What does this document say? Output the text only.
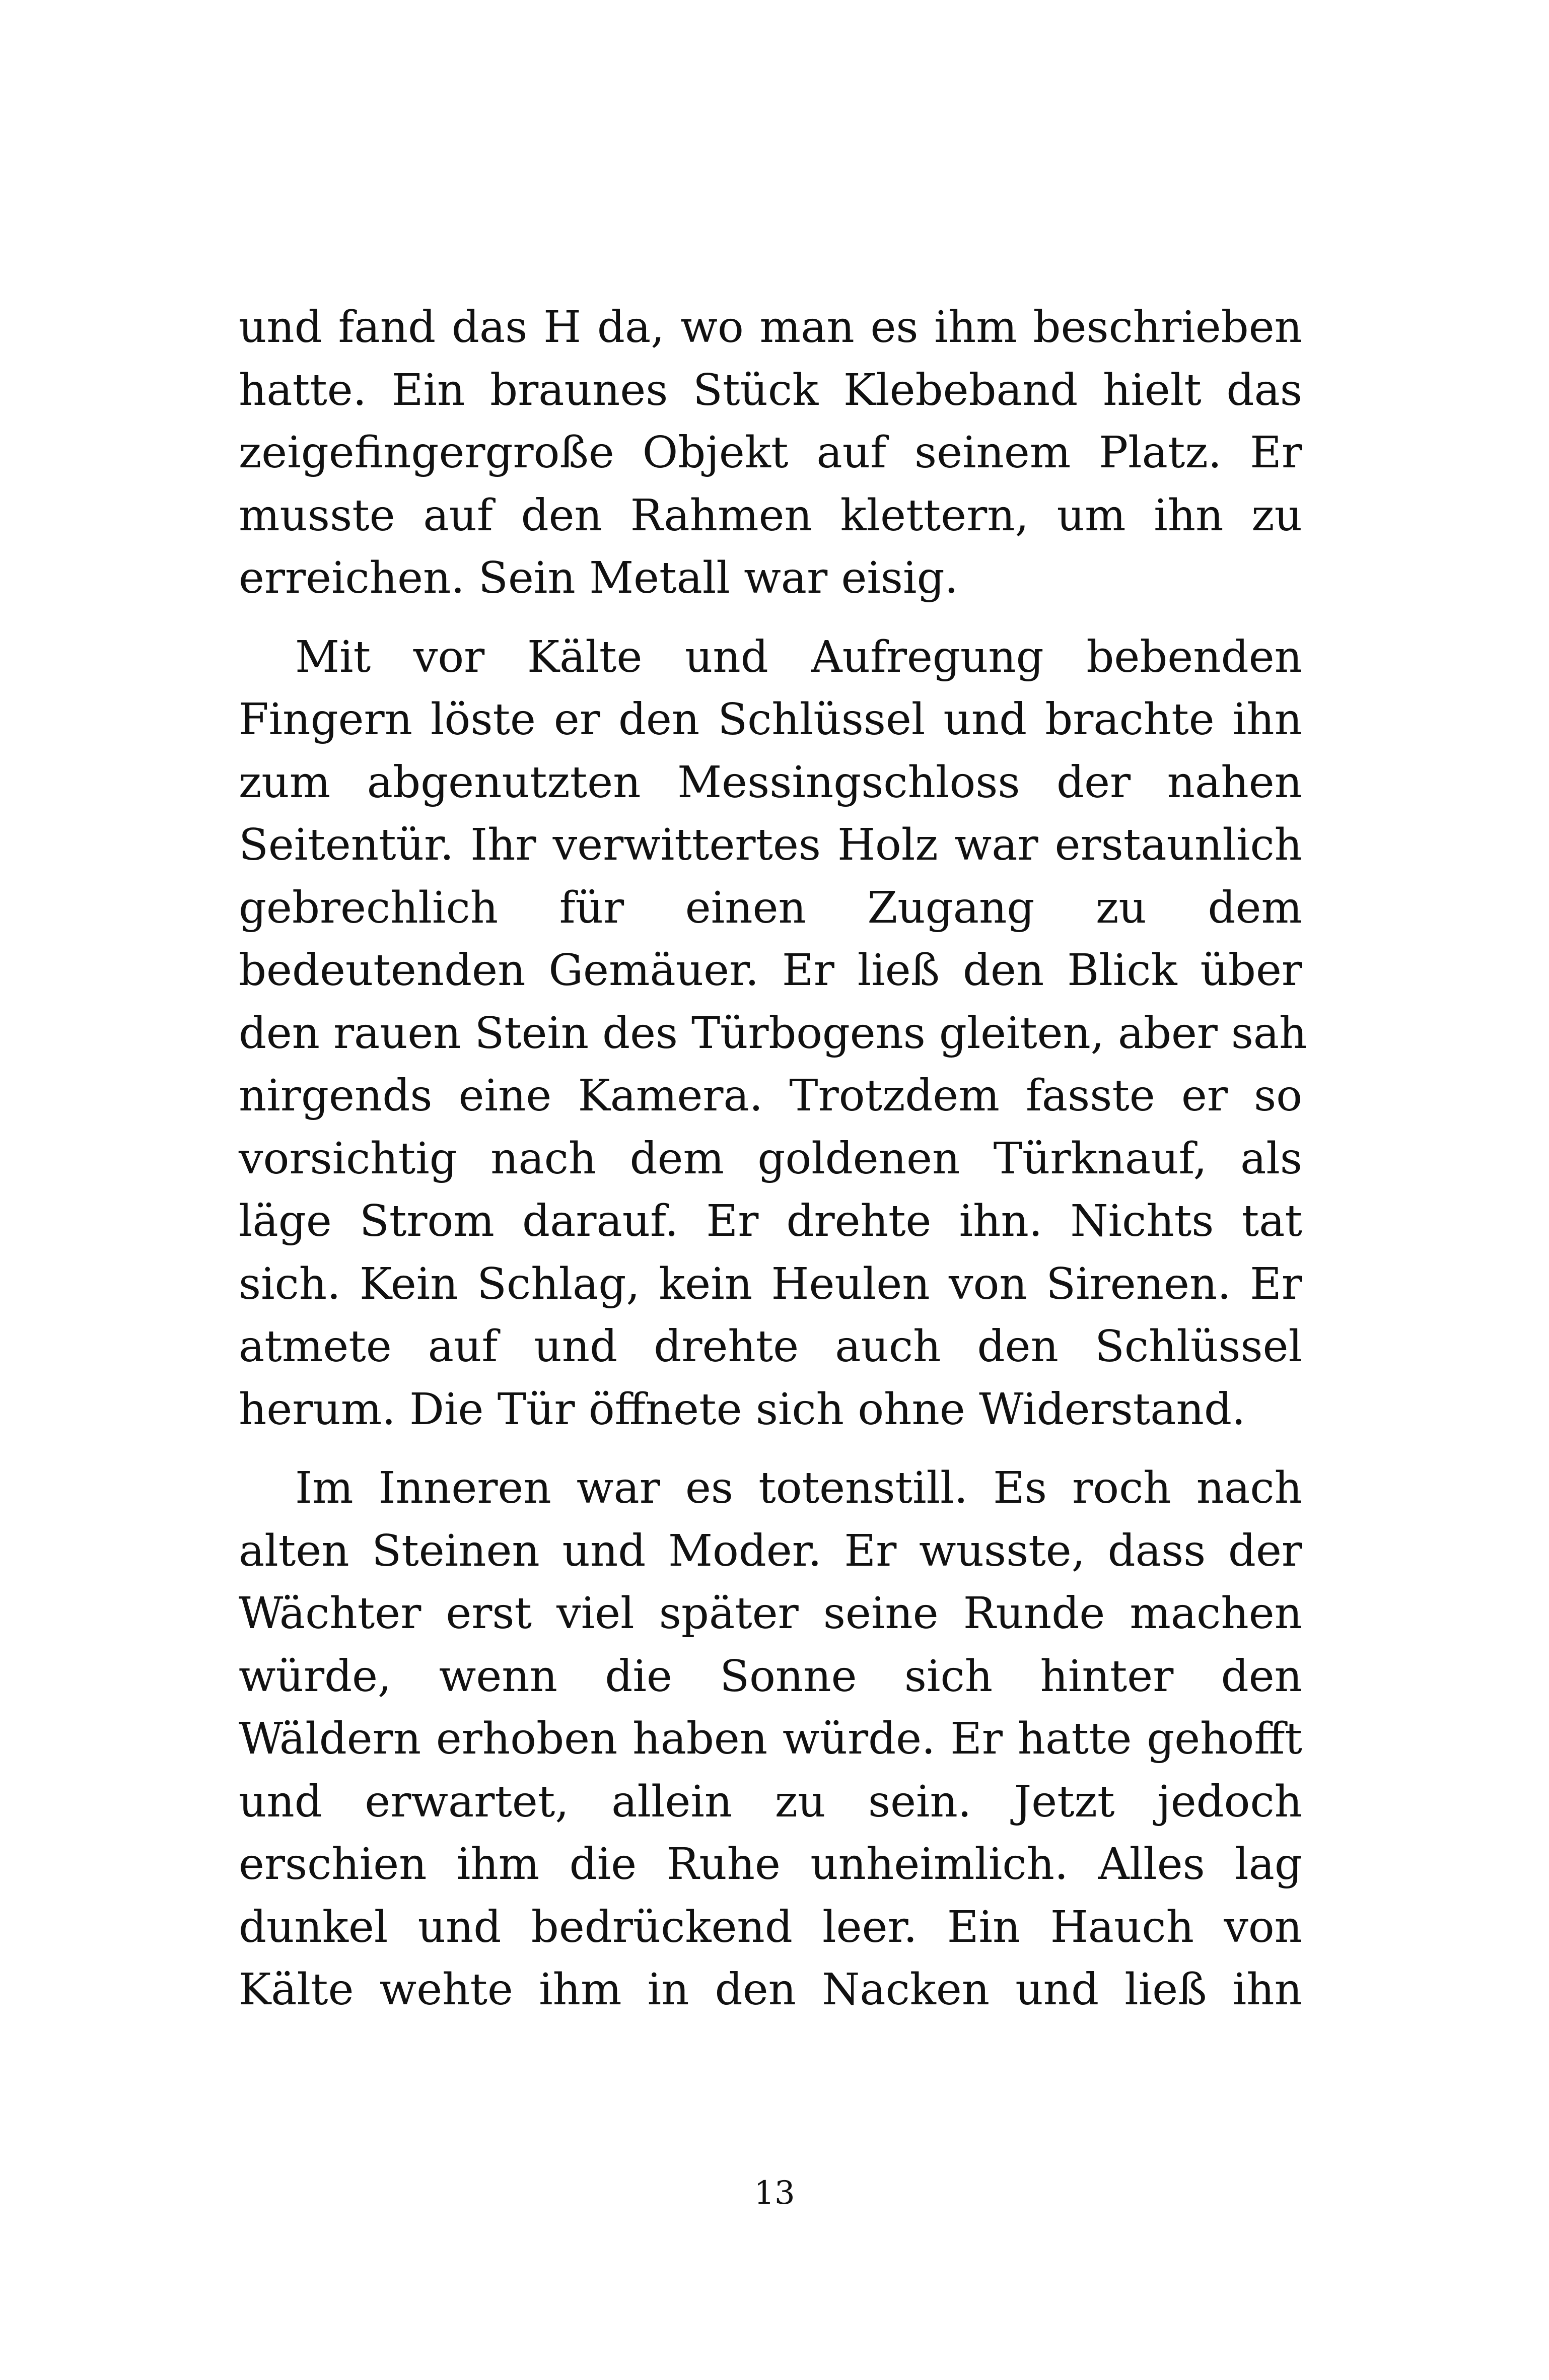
und fand das H da, wo man es ihm beschrieben
hatte. Ein braunes Stück Klebeband hielt das
zeigefingergroße Objekt auf seinem Platz. Er
musste auf den Rahmen klettern, um ihn zu
erreichen. Sein Metall war eisig.
Mit vor Kälte und Aufregung bebenden
Fingern löste er den Schlüssel und brachte ihn
zum abgenutzten Messingschloss der nahen
Seitentür. Ihr verwittertes Holz war erstaunlich
gebrechlich für einen Zugang zu dem
bedeutenden Gemäuer. Er ließ den Blick über
den rauen Stein des Türbogens gleiten, aber sah
nirgends eine Kamera. Trotzdem fasste er so
vorsichtig nach dem goldenen Türknauf, als
läge Strom darauf. Er drehte ihn. Nichts tat
sich. Kein Schlag, kein Heulen von Sirenen. Er
atmete auf und drehte auch den Schlüssel
herum. Die Tür öffnete sich ohne Widerstand.
Im Inneren war es totenstill. Es roch nach
alten Steinen und Moder. Er wusste, dass der
Wächter erst viel später seine Runde machen
würde, wenn die Sonne sich hinter den
Wäldern erhoben haben würde. Er hatte gehofft
und erwartet, allein zu sein. Jetzt jedoch
erschien ihm die Ruhe unheimlich. Alles lag
dunkel und bedrückend leer. Ein Hauch von
Kälte wehte ihm in den Nacken und ließ ihn
13
